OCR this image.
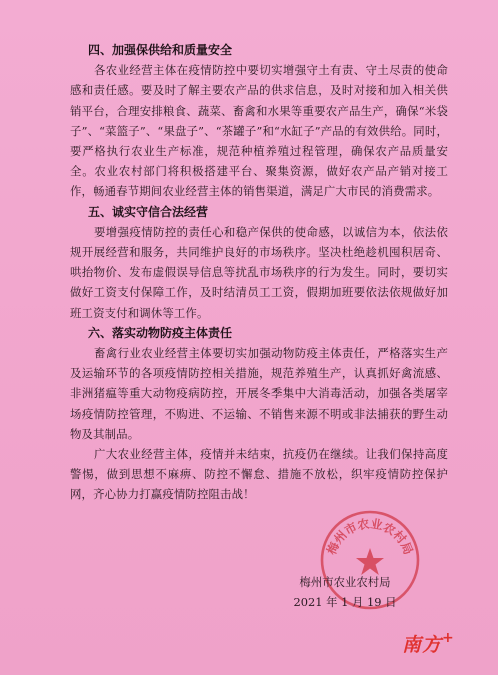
四、加强保供给和质量安全

各农业经营主体在疫情防控中要切实增强守土有责、守土尽责的使命感和责任感。要及时了解主要农产品的供求信息，及时对接和加入相关供销平台，合理安排粮食、蔬菜、畜禽和水果等重要农产品生产，确保“米袋子”、“菜篮子”、“果盘子”、“茶罐子”和“水缸子”产品的有效供给。同时，要严格执行农业生产标准，规范种植养殖过程管理，确保农产品质量安全。农业农村部门将积极搭建平台、聚集资源，做好农产品产销对接工作，畅通春节期间农业经营主体的销售渠道，满足广大市民的消费需求。

五、诚实守信合法经营

要增强疫情防控的责任心和稳产保供的使命感，以诚信为本，依法依规开展经营和服务，共同维护良好的市场秩序。坚决杜绝趁机囤积居奇、哄抬物价、发布虚假误导信息等扰乱市场秩序的行为发生。同时，要切实做好工资支付保障工作，及时结清员工工资，假期加班要依法依规做好加班工资支付和调休等工作。

六、落实动物防疫主体责任

畜禽行业农业经营主体要切实加强动物防疫主体责任，严格落实生产及运输环节的各项疫情防控相关措施，规范养殖生产，认真抓好禽流感、非洲猪瘟等重大动物疫病防控，开展冬季集中大消毒活动，加强各类屠宰场疫情防控管理，不购进、不运输、不销售来源不明或非法捕获的野生动物及其制品。

广大农业经营主体，疫情并未结束，抗疫仍在继续。让我们保持高度警惕，做到思想不麻痹、防控不懈怠、措施不放松，织牢疫情防控保护网，齐心协力打赢疫情防控阻击战！

梅州市农业农村局
梅州市农业农村局
2021 年 1 月 19 日
南方+
